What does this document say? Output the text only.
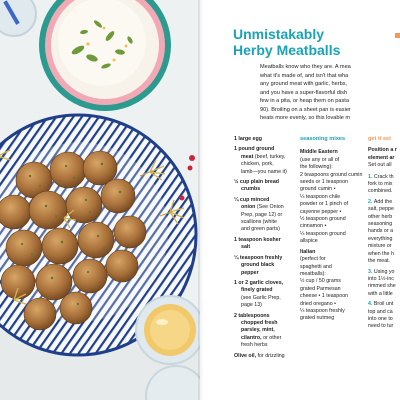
Unmistakably
Herby Meatballs
Meatballs know who they are. A mea
what it's made of, and isn't that wha
any ground meat with garlic, herbs,
and you have a super-flavorful dish
few in a pita, or heap them on pasta
90). Broiling on a sheet pan is easier
heats more evenly, so this lovable m
1 large egg
1 pound ground
meat (beef, turkey,
chicken, pork,
lamb—you name it)
½ cup plain bread
crumbs
¼ cup minced
onion (See Onion
Prep, page 12) or
scallions (white
and green parts)
1 teaspoon kosher
salt
¼ teaspoon freshly
ground black
pepper
1 or 2 garlic cloves,
finely grated
(see Garlic Prep,
page 13)
2 tablespoons
chopped fresh
parsley, mint,
cilantro, or other
fresh herbs
Olive oil, for drizzling
seasoning mixes
Middle Eastern
(use any or all of
the following):
2 teaspoons ground cumin
seeds or 1 teaspoon
ground cumin •
¼ teaspoon chile
powder or 1 pinch of
cayenne pepper •
½ teaspoon ground
cinnamon •
¼ teaspoon ground
allspice
Italian
(perfect for
spaghetti and
meatballs):
½ cup / 50 grams
grated Parmesan
cheese • 1 teaspoon
dried oregano •
¼ teaspoon freshly
grated nutmeg
get it set
Position a r
element ar
Set out all
1. Crack th
fork to mix
combined.
2. Add the
salt, peppe
other herb
seasoning
hands or a
everything
mixture or
when the h
the meat.
3. Using yo
into 1½-inc
rimmed she
with a little
4. Broil unt
top and ca
into one to
need to tur
